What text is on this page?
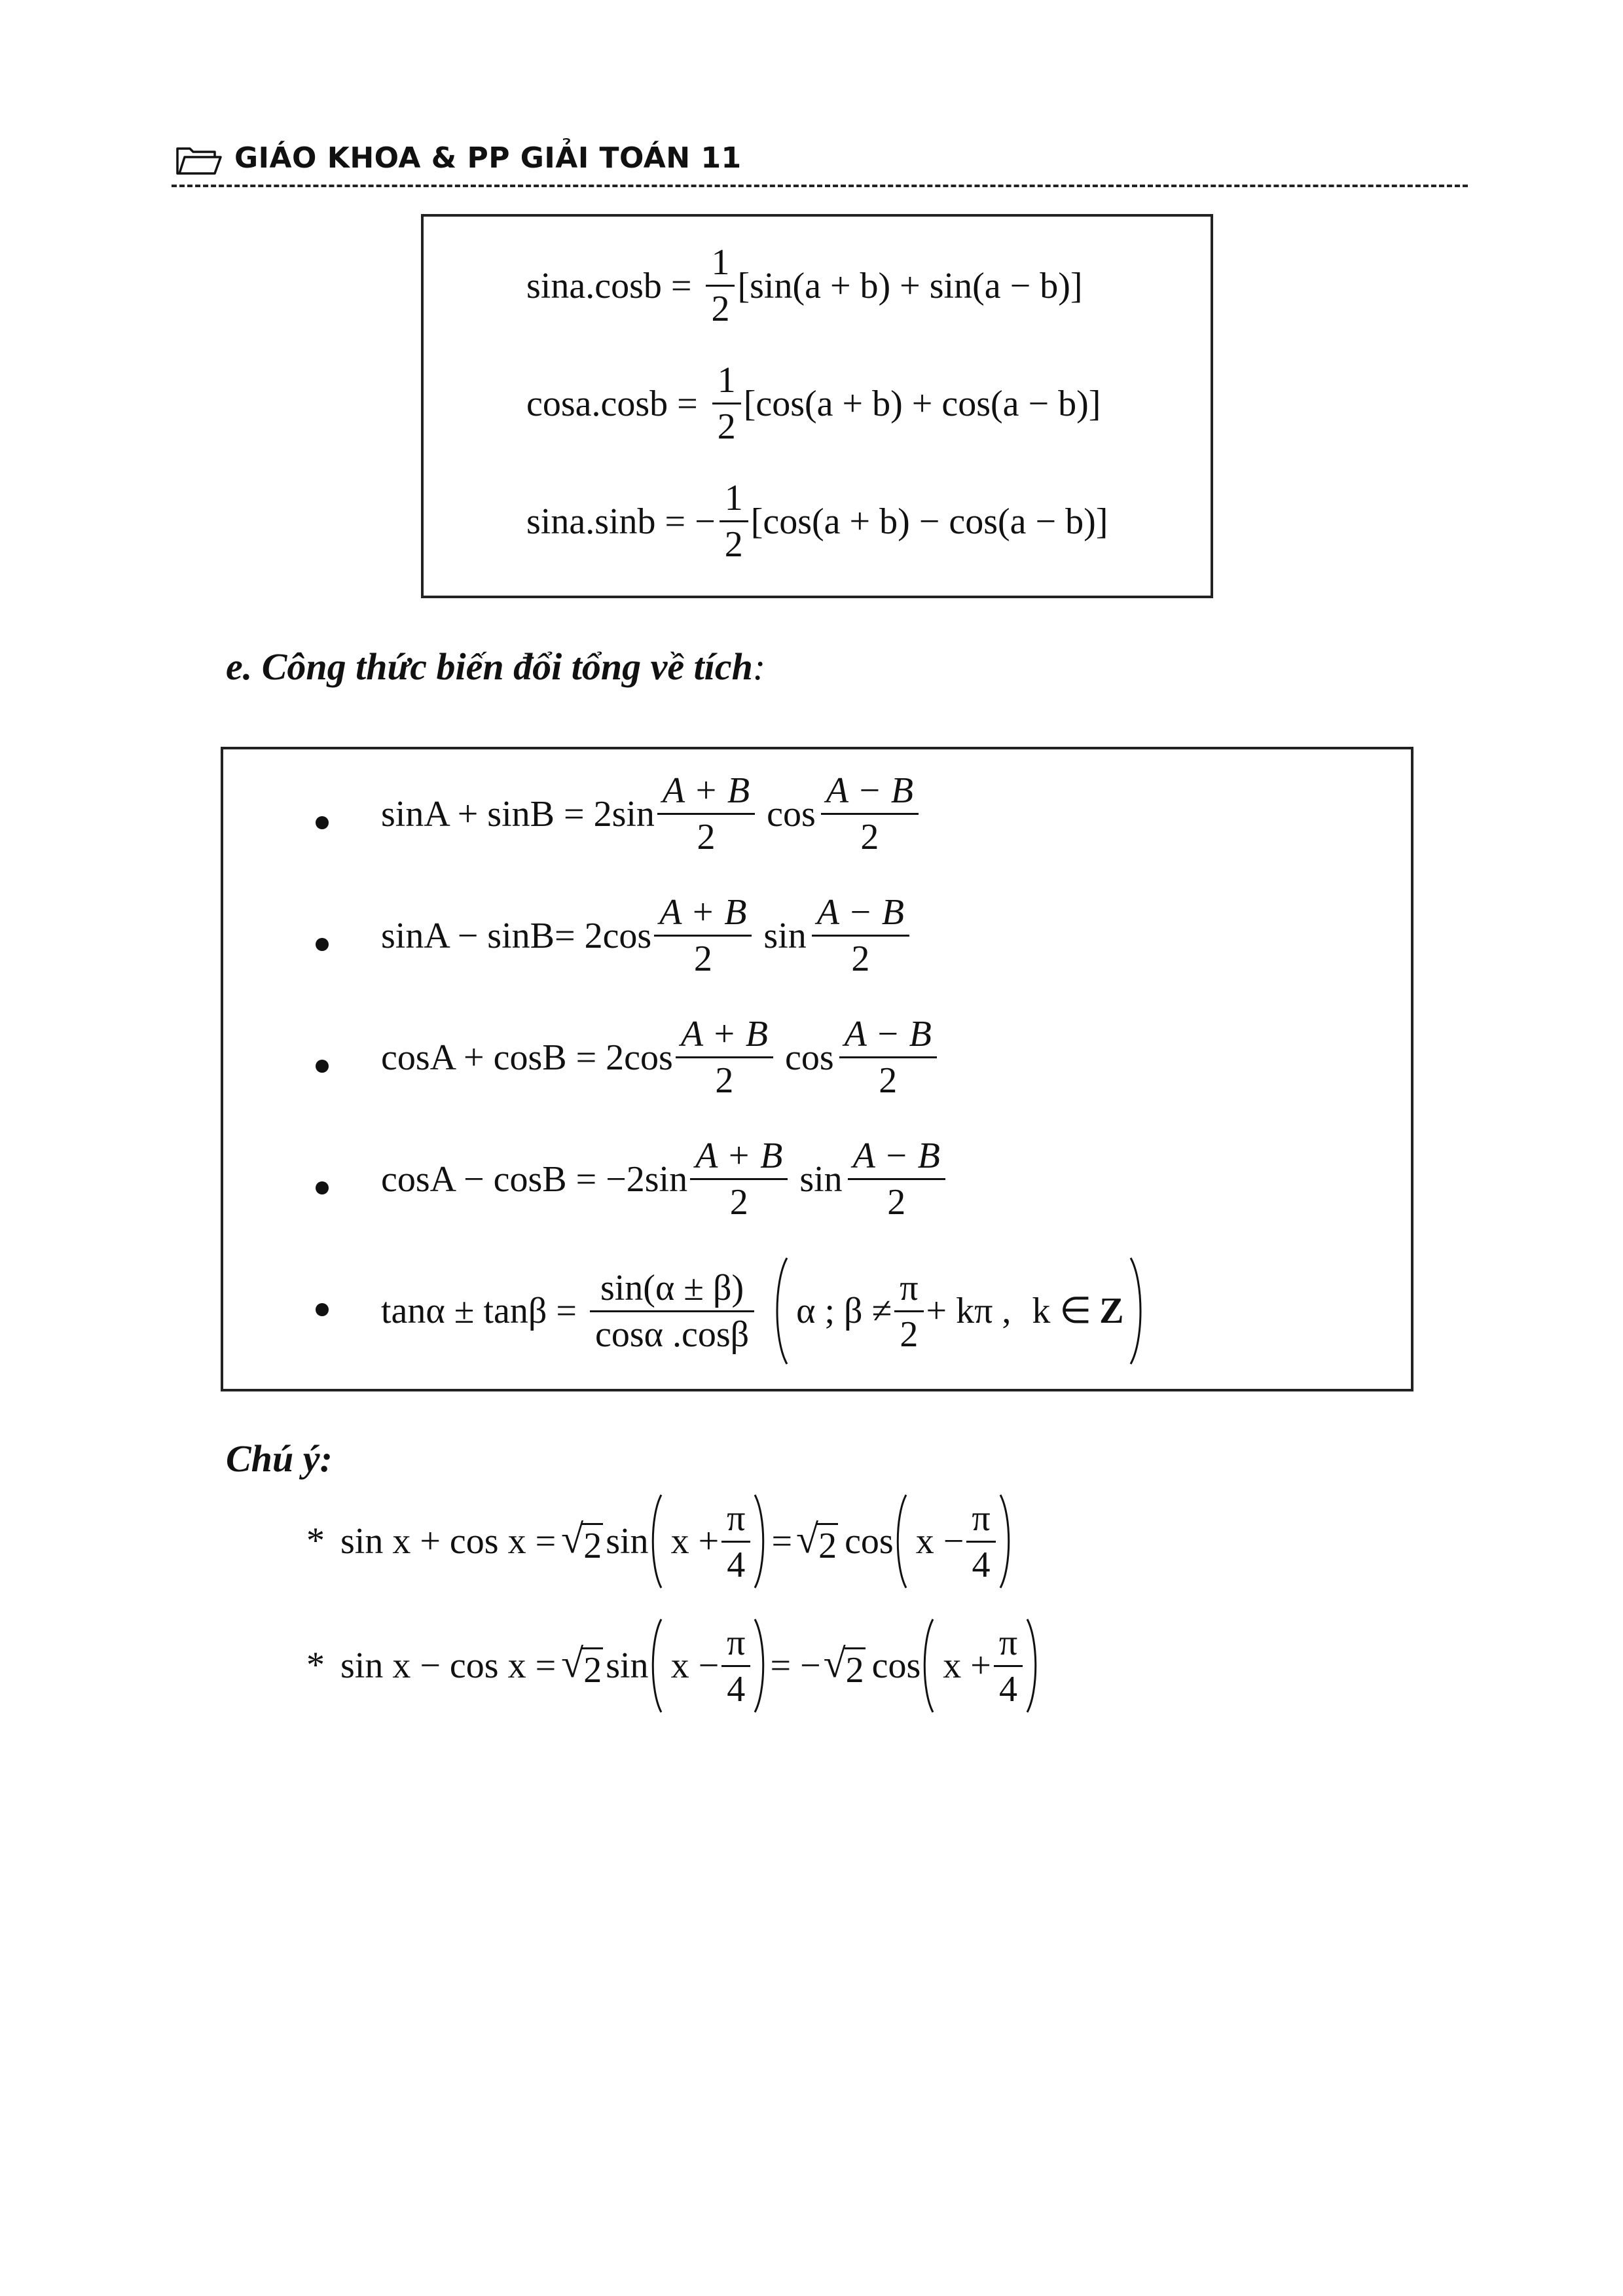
GIÁO KHOA & PP GIẢI TOÁN 11
$\sin a.\cos b = \frac{1}{2} [\sin(a + b) + \sin(a - b)]$
$\cos a.\cos b = \frac{1}{2} [\cos(a + b) + \cos(a - b)]$
sina.sinb = − $\frac{1}{2} [\cos(a + b) - \cos(a - b)]$
e. Công thức biến đổi tổng về tích:
$\sin A + \sin B = 2\sin \frac{A + B}{2}$ $\cos \frac{A - B}{2}$
$\sin A - \sin B= 2\cos \frac{A + B}{2}$ $\sin \frac{A - B}{2}$
$\cos A + \cos B = 2\cos \frac{A + B}{2}$ $\cos \frac{A - B}{2}$
$\cos A - \cos B = -2\sin \frac{A + B}{2}$ $\sin \frac{A - B}{2}$
$\tan\alpha \pm \tan\beta = \frac{\sin(\alpha \pm \beta)}{\cos\alpha .\cos\beta}$ α ; $\beta \ne \frac{\pi}{2} + k\pi$ , k ∈ Z
Chú ý:
* sin x + cos x = √ 2 $\sin x + \frac{\pi}{4}$ = √ 2 $\cos x - \frac{\pi}{4}$
* sin x − cos x = √ 2 $\sin x - \frac{\pi}{4}$ = − √ 2 $\cos x + \frac{\pi}{4}$
